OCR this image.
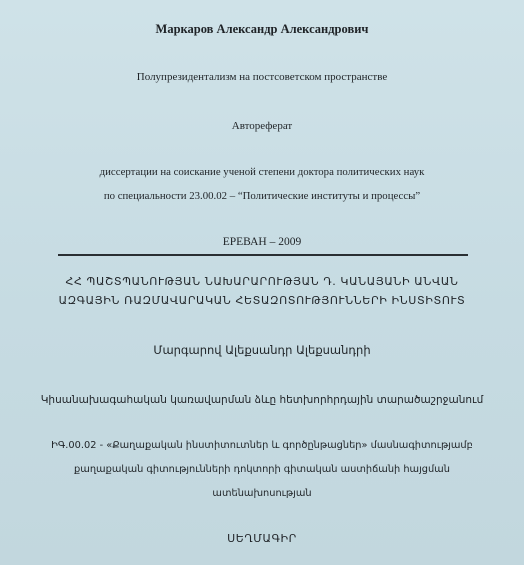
Маркаров Александр Александрович
Полупрезидентализм на постсоветском пространстве
Автореферат
диссертации на соискание ученой степени доктора политических наук
по специальности 23.00.02 – “Политические институты и процессы”
ЕРЕВАН – 2009
ՀՀ ՊԱՇՏՊԱՆՈՒԹՅԱՆ ՆԱԽԱՐԱՐՈՒԹՅԱՆ Դ. ԿԱՆԱՅԱՆԻ ԱՆՎԱՆ
ԱԶԳԱՅԻՆ ՌԱԶՄԱՎԱՐԱԿԱՆ ՀԵՏԱԶՈՏՈՒԹՅՈՒՆՆԵՐԻ ԻՆՍՏԻՏՈՒՏ
Մարգարով Ալեքսանդր Ալեքսանդրի
Կիսանախագահական կառավարման ձևը հետխորհրդային տարածաշրջանում
ԻԳ.00.02 - «Քաղաքական ինստիտուտներ և գործընթացներ» մասնագիտությամբ
քաղաքական գիտությունների դոկտորի գիտական աստիճանի հայցման
ատենախոսության
ՍԵՂՄԱԳԻՐ
